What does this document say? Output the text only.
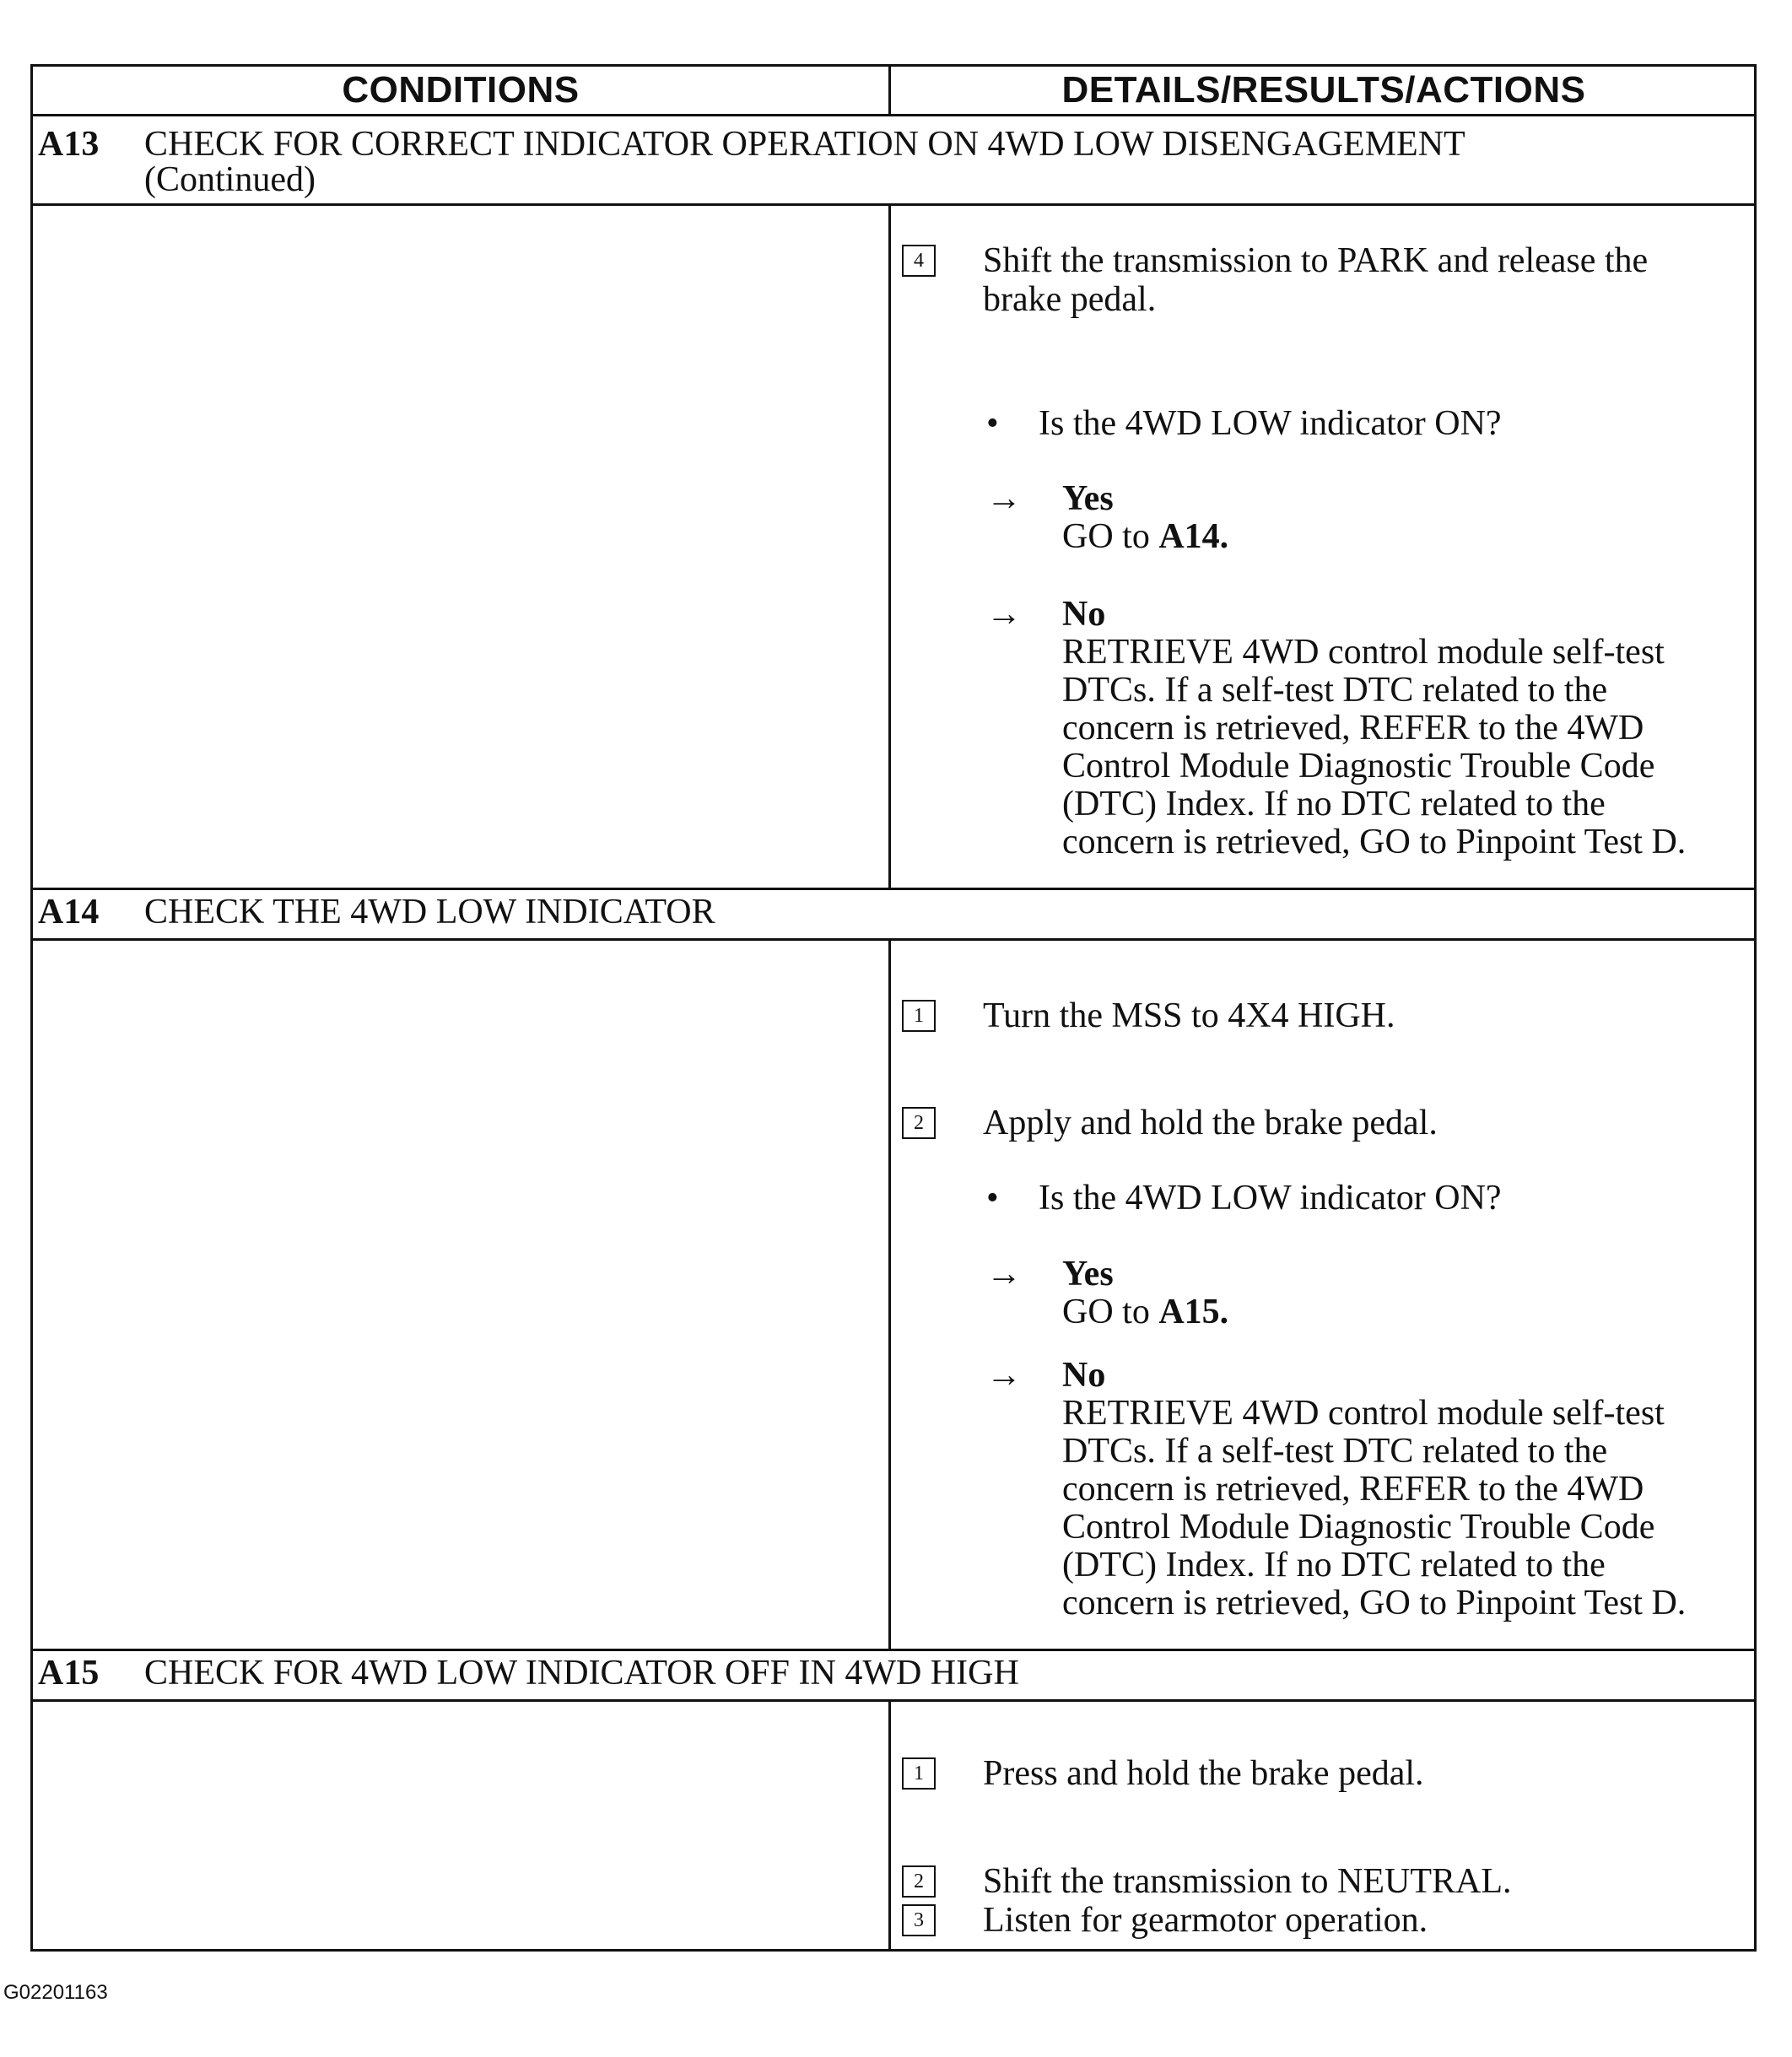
CONDITIONS	DETAILS/RESULTS/ACTIONS
A13 CHECK FOR CORRECT INDICATOR OPERATION ON 4WD LOW DISENGAGEMENT
(Continued)
4	Shift the transmission to PARK and release the brake pedal.
• Is the 4WD LOW indicator ON?
→ Yes
GO to A14.
→ No
RETRIEVE 4WD control module self-test
DTCs. If a self-test DTC related to the
concern is retrieved, REFER to the 4WD
Control Module Diagnostic Trouble Code
(DTC) Index. If no DTC related to the
concern is retrieved, GO to Pinpoint Test D.
A14 CHECK THE 4WD LOW INDICATOR
1	Turn the MSS to 4X4 HIGH.
2	Apply and hold the brake pedal.
• Is the 4WD LOW indicator ON?
→ Yes
GO to A15.
→ No
RETRIEVE 4WD control module self-test
DTCs. If a self-test DTC related to the
concern is retrieved, REFER to the 4WD
Control Module Diagnostic Trouble Code
(DTC) Index. If no DTC related to the
concern is retrieved, GO to Pinpoint Test D.
A15 CHECK FOR 4WD LOW INDICATOR OFF IN 4WD HIGH
1	Press and hold the brake pedal.
2	Shift the transmission to NEUTRAL.
3	Listen for gearmotor operation.
G02201163
